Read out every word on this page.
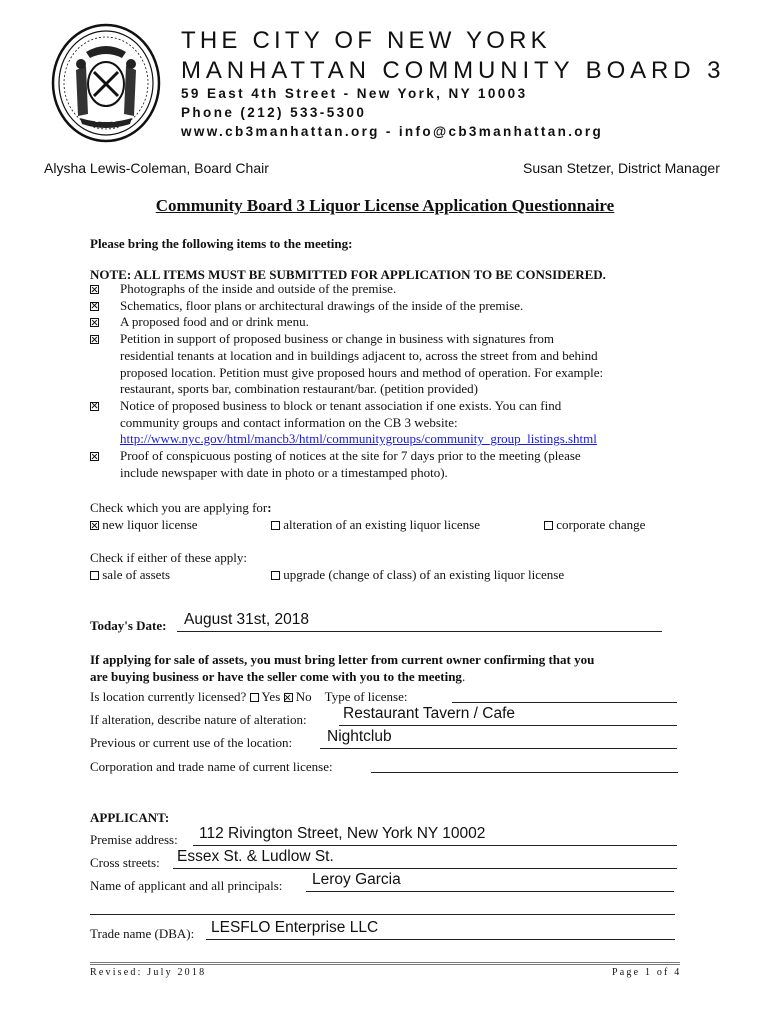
1625
THE CITY OF NEW YORK
MANHATTAN COMMUNITY BOARD 3
59 East 4th Street - New York, NY 10003
Phone (212) 533-5300
www.cb3manhattan.org - info@cb3manhattan.org
Alysha Lewis-Coleman, Board Chair	Susan Stetzer, District Manager
Community Board 3 Liquor License Application Questionnaire
Please bring the following items to the meeting:
NOTE: ALL ITEMS MUST BE SUBMITTED FOR APPLICATION TO BE CONSIDERED.
Photographs of the inside and outside of the premise.
Schematics, floor plans or architectural drawings of the inside of the premise.
A proposed food and or drink menu.
Petition in support of proposed business or change in business with signatures from
residential tenants at location and in buildings adjacent to, across the street from and behind
proposed location. Petition must give proposed hours and method of operation. For example:
restaurant, sports bar, combination restaurant/bar. (petition provided)
Notice of proposed business to block or tenant association if one exists. You can find
community groups and contact information on the CB 3 website:
http://www.nyc.gov/html/mancb3/html/communitygroups/community_group_listings.shtml
Proof of conspicuous posting of notices at the site for 7 days prior to the meeting (please
include newspaper with date in photo or a timestamped photo).
Check which you are applying for:
new liquor license	alteration of an existing liquor license	corporate change
Check if either of these apply:
sale of assets	upgrade (change of class) of an existing liquor license
Today's Date: August 31st, 2018
If applying for sale of assets, you must bring letter from current owner confirming that you
are buying business or have the seller come with you to the meeting.
Is location currently licensed? Yes No Type of license:
If alteration, describe nature of alteration: Restaurant Tavern / Cafe
Previous or current use of the location: Nightclub
Corporation and trade name of current license:
APPLICANT:
Premise address: 112 Rivington Street, New York NY 10002
Cross streets: Essex St. & Ludlow St.
Name of applicant and all principals: Leroy Garcia
Trade name (DBA): LESFLO Enterprise LLC
Revised: July 2018	Page 1 of 4
